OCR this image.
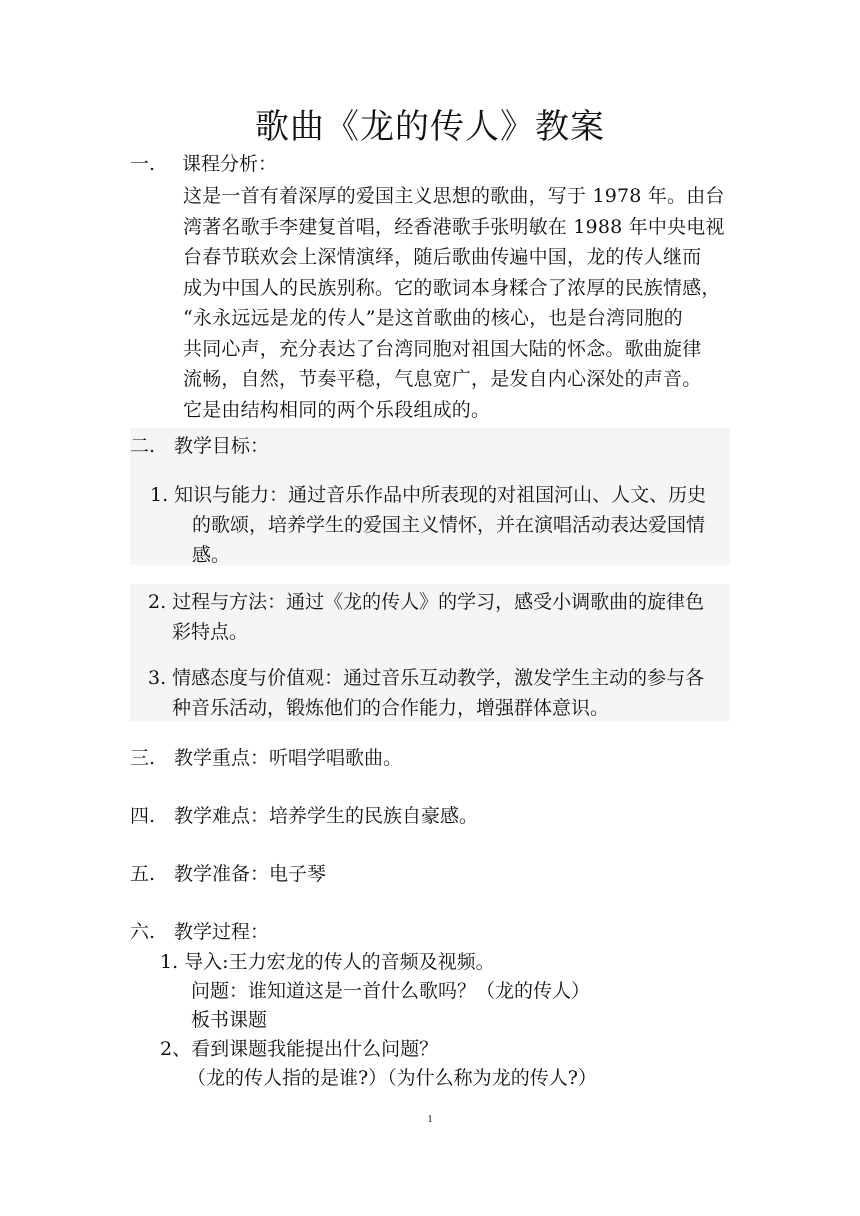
歌曲《龙的传人》教案
一. 课程分析：
这是一首有着深厚的爱国主义思想的歌曲，写于 1978 年。由台
湾著名歌手李建复首唱，经香港歌手张明敏在 1988 年中央电视
台春节联欢会上深情演绎，随后歌曲传遍中国，龙的传人继而
成为中国人的民族别称。它的歌词本身糅合了浓厚的民族情感，
“永永远远是龙的传人”是这首歌曲的核心，也是台湾同胞的
共同心声，充分表达了台湾同胞对祖国大陆的怀念。歌曲旋律
流畅，自然，节奏平稳，气息宽广，是发自内心深处的声音。
它是由结构相同的两个乐段组成的。
二. 教学目标：
1. 知识与能力：通过音乐作品中所表现的对祖国河山、人文、历史
的歌颂，培养学生的爱国主义情怀，并在演唱活动表达爱国情
感。
2. 过程与方法：通过《龙的传人》的学习，感受小调歌曲的旋律色
彩特点。
3. 情感态度与价值观：通过音乐互动教学，激发学生主动的参与各
种音乐活动，锻炼他们的合作能力，增强群体意识。
三. 教学重点：听唱学唱歌曲。
四. 教学难点：培养学生的民族自豪感。
五. 教学准备：电子琴
六. 教学过程：
1. 导入:王力宏龙的传人的音频及视频。
问题：谁知道这是一首什么歌吗？（龙的传人）
板书课题
2、看到课题我能提出什么问题？
（龙的传人指的是谁?）（为什么称为龙的传人?）
1
